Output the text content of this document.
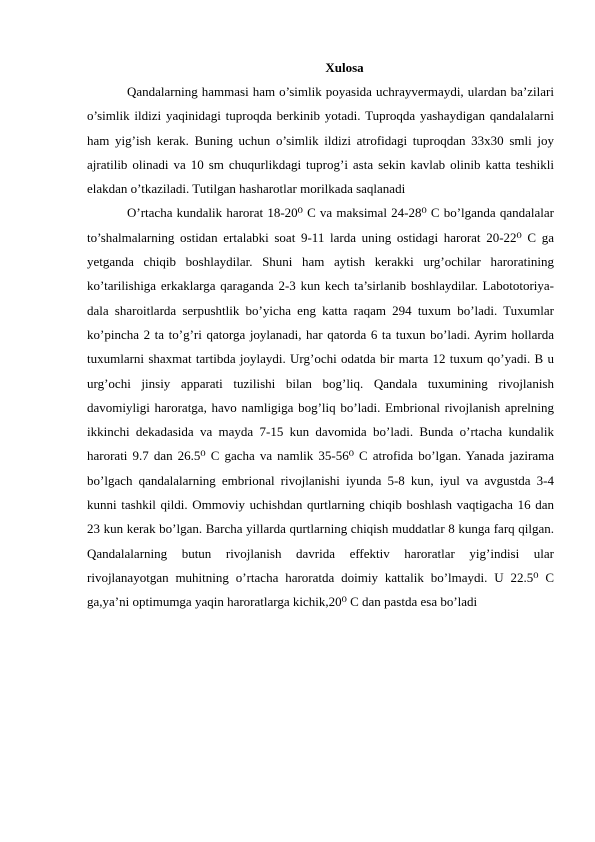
Xulosa

Qandalarning hammasi ham o’simlik poyasida uchrayvermaydi, ulardan ba’zilari o’simlik ildizi yaqinidagi tuproqda berkinib yotadi. Tuproqda yashaydigan qandalalarni ham yig’ish kerak. Buning uchun o’simlik ildizi atrofidagi tuproqdan 33x30 smli joy ajratilib olinadi va 10 sm chuqurlikdagi tuprog’i asta sekin kavlab olinib katta teshikli elakdan o’tkaziladi. Tutilgan hasharotlar morilkada saqlanadi

O’rtacha kundalik harorat 18-20⁰ C va maksimal 24-28⁰ C bo’lganda qandalalar to’shalmalarning ostidan ertalabki soat 9-11 larda uning ostidagi harorat 20-22⁰ C ga yetganda chiqib boshlaydilar. Shuni ham aytish kerakki urg’ochilar haroratining ko’tarilishiga erkaklarga qaraganda 2-3 kun kech ta’sirlanib boshlaydilar. Labototoriya-dala sharoitlarda serpushtlik bo’yicha eng katta raqam 294 tuxum bo’ladi. Tuxumlar ko’pincha 2 ta to’g’ri qatorga joylanadi, har qatorda 6 ta tuxun bo’ladi. Ayrim hollarda tuxumlarni shaxmat tartibda joylaydi. Urg’ochi odatda bir marta 12 tuxum qo’yadi. B u urg’ochi jinsiy apparati tuzilishi bilan bog’liq. Qandala tuxumining rivojlanish davomiyligi haroratga, havo namligiga bog’liq bo’ladi. Embrional rivojlanish aprelning ikkinchi dekadasida va mayda 7-15 kun davomida bo’ladi. Bunda o’rtacha kundalik harorati 9.7 dan 26.5⁰ C gacha va namlik 35-56⁰ C atrofida bo’lgan. Yanada jazirama bo’lgach qandalalarning embrional rivojlanishi iyunda 5-8 kun, iyul va avgustda 3-4 kunni tashkil qildi. Ommoviy uchishdan qurtlarning chiqib boshlash vaqtigacha 16 dan 23 kun kerak bo’lgan. Barcha yillarda qurtlarning chiqish muddatlar 8 kunga farq qilgan. Qandalalarning butun rivojlanish davrida effektiv haroratlar yig’indisi ular rivojlanayotgan muhitning o’rtacha haroratda doimiy kattalik bo’lmaydi. U 22.5⁰ C ga,ya’ni optimumga yaqin haroratlarga kichik,20⁰ C dan pastda esa bo’ladi
